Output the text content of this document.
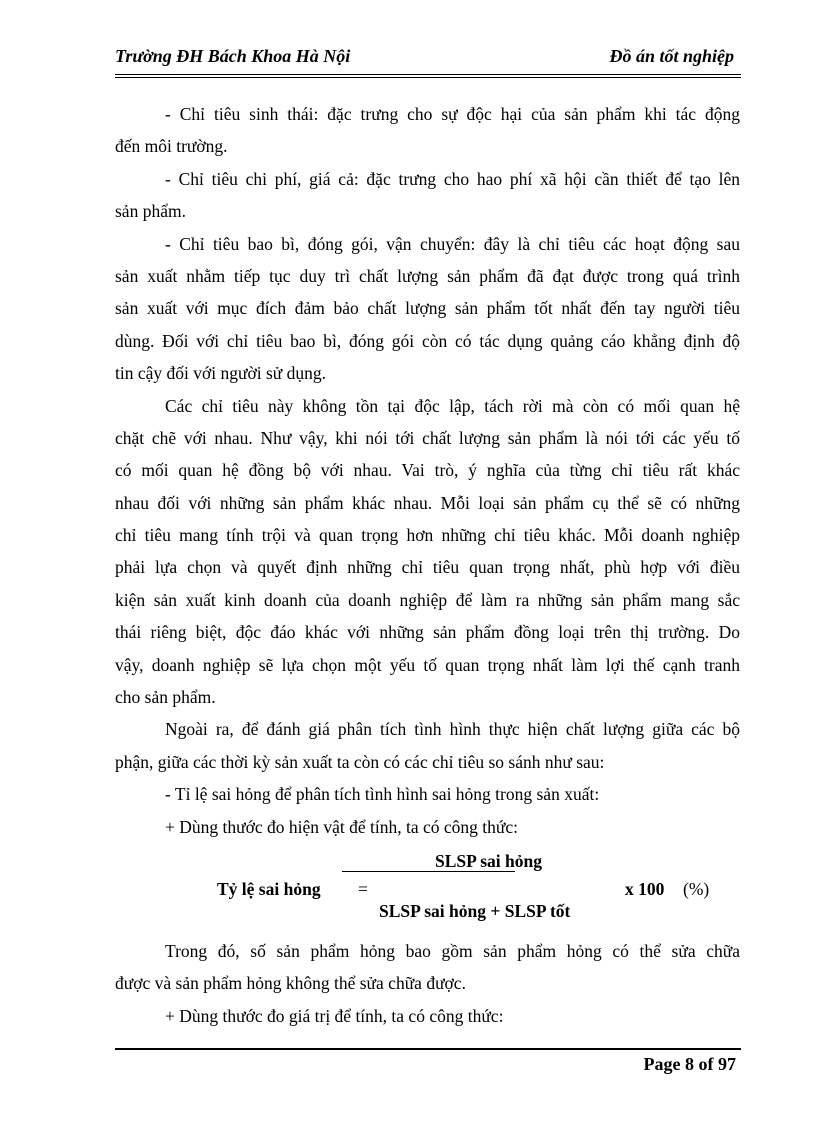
Trường ĐH Bách Khoa Hà Nội	Đồ án tốt nghiệp
- Chỉ tiêu sinh thái: đặc trưng cho sự độc hại của sản phẩm khi tác động
đến môi trường.
- Chỉ tiêu chi phí, giá cả: đặc trưng cho hao phí xã hội cần thiết để tạo lên
sản phẩm.
- Chỉ tiêu bao bì, đóng gói, vận chuyển: đây là chỉ tiêu các hoạt động sau
sản xuất nhằm tiếp tục duy trì chất lượng sản phẩm đã đạt được trong quá trình
sản xuất với mục đích đảm bảo chất lượng sản phẩm tốt nhất đến tay người tiêu
dùng. Đối với chỉ tiêu bao bì, đóng gói còn có tác dụng quảng cáo khẳng định độ
tin cậy đối với người sử dụng.
Các chỉ tiêu này không tồn tại độc lập, tách rời mà còn có mối quan hệ
chặt chẽ với nhau. Như vậy, khi nói tới chất lượng sản phẩm là nói tới các yếu tố
có mối quan hệ đồng bộ với nhau. Vai trò, ý nghĩa của từng chỉ tiêu rất khác
nhau đối với những sản phẩm khác nhau. Mỗi loại sản phẩm cụ thể sẽ có những
chỉ tiêu mang tính trội và quan trọng hơn những chỉ tiêu khác. Mỗi doanh nghiệp
phải lựa chọn và quyết định những chỉ tiêu quan trọng nhất, phù hợp với điều
kiện sản xuất kinh doanh của doanh nghiệp để làm ra những sản phẩm mang sắc
thái riêng biệt, độc đáo khác với những sản phẩm đồng loại trên thị trường. Do
vậy, doanh nghiệp sẽ lựa chọn một yếu tố quan trọng nhất làm lợi thế cạnh tranh
cho sản phẩm.
Ngoài ra, để đánh giá phân tích tình hình thực hiện chất lượng giữa các bộ
phận, giữa các thời kỳ sản xuất ta còn có các chỉ tiêu so sánh như sau:
- Tỉ lệ sai hỏng để phân tích tình hình sai hỏng trong sản xuất:
+ Dùng thước đo hiện vật để tính, ta có công thức:
Tỷ lệ sai hỏng =
SLSP sai hỏng
SLSP sai hỏng + SLSP tốt
x 100 (%)
Trong đó, số sản phẩm hỏng bao gồm sản phẩm hỏng có thể sửa chữa
được và sản phẩm hỏng không thể sửa chữa được.
+ Dùng thước đo giá trị để tính, ta có công thức:
Page 8 of 97
